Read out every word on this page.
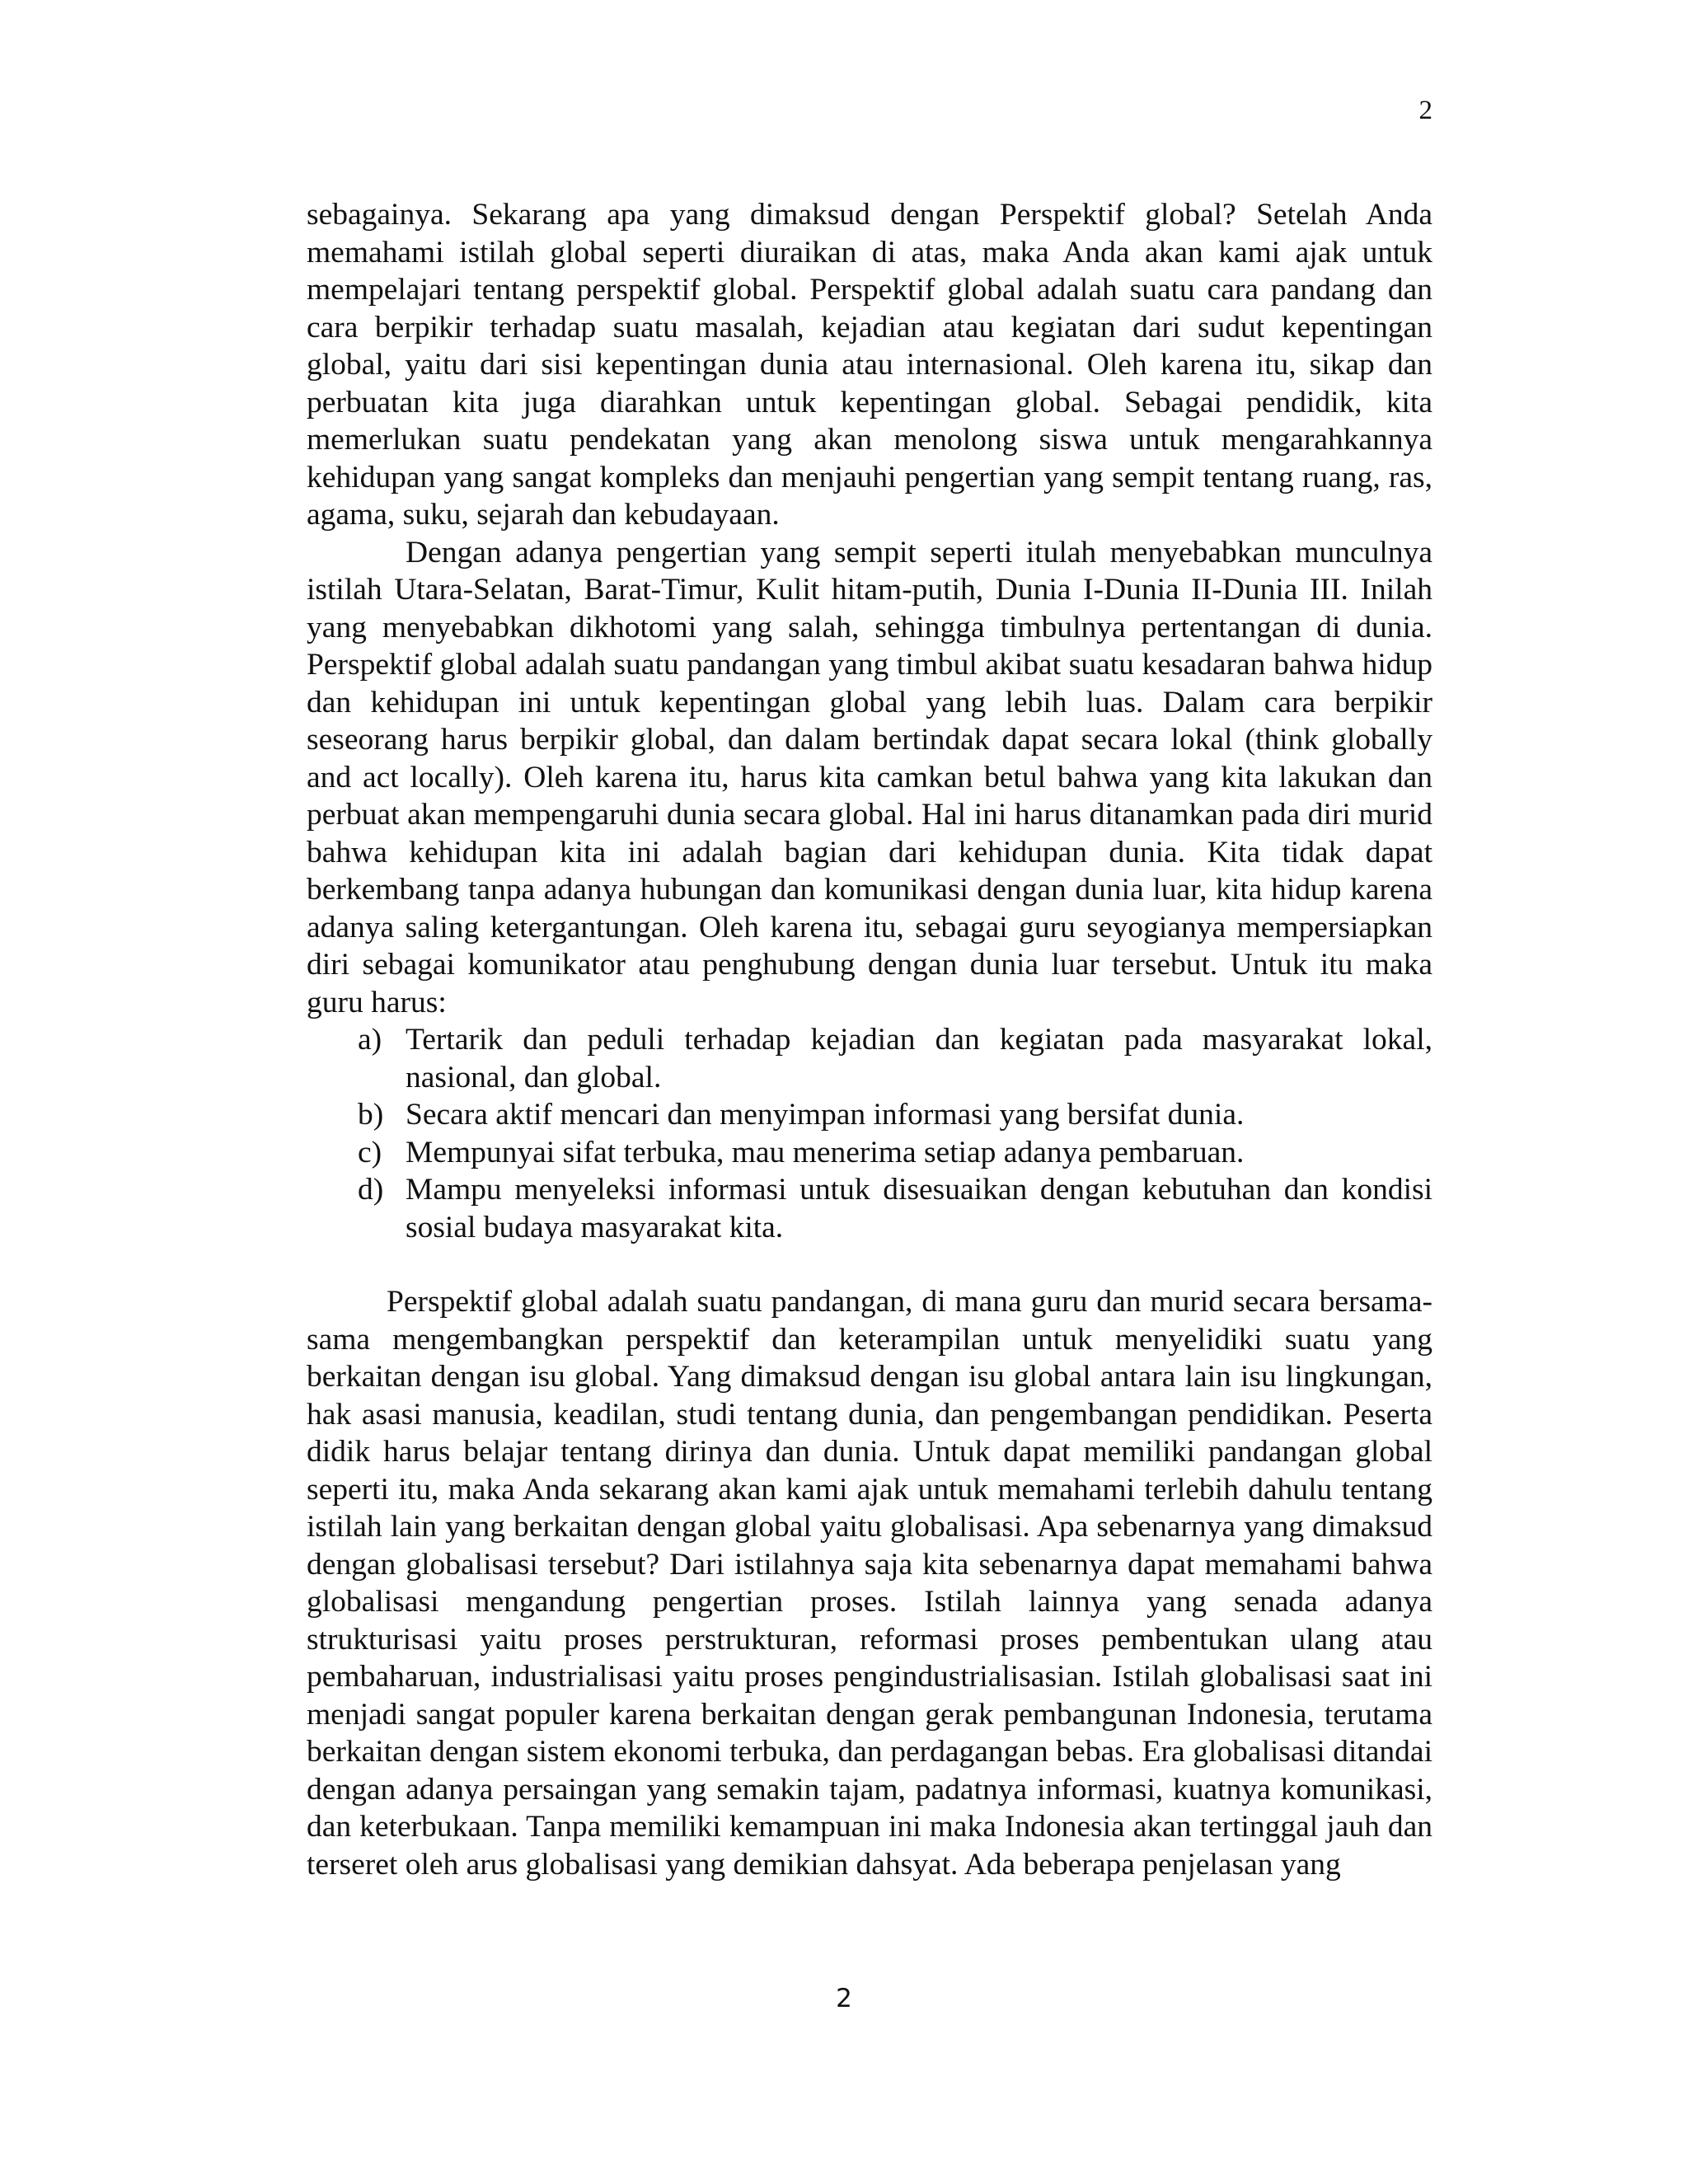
2

sebagainya. Sekarang apa yang dimaksud dengan Perspektif global? Setelah Anda memahami istilah global seperti diuraikan di atas, maka Anda akan kami ajak untuk mempelajari tentang perspektif global. Perspektif global adalah suatu cara pandang dan cara berpikir terhadap suatu masalah, kejadian atau kegiatan dari sudut kepentingan global, yaitu dari sisi kepentingan dunia atau internasional. Oleh karena itu, sikap dan perbuatan kita juga diarahkan untuk kepentingan global. Sebagai pendidik, kita memerlukan suatu pendekatan yang akan menolong siswa untuk mengarahkannya kehidupan yang sangat kompleks dan menjauhi pengertian yang sempit tentang ruang, ras, agama, suku, sejarah dan kebudayaan.

Dengan adanya pengertian yang sempit seperti itulah menyebabkan munculnya istilah Utara-Selatan, Barat-Timur, Kulit hitam-putih, Dunia I-Dunia II-Dunia III. Inilah yang menyebabkan dikhotomi yang salah, sehingga timbulnya pertentangan di dunia. Perspektif global adalah suatu pandangan yang timbul akibat suatu kesadaran bahwa hidup dan kehidupan ini untuk kepentingan global yang lebih luas. Dalam cara berpikir seseorang harus berpikir global, dan dalam bertindak dapat secara lokal (think globally and act locally). Oleh karena itu, harus kita camkan betul bahwa yang kita lakukan dan perbuat akan mempengaruhi dunia secara global. Hal ini harus ditanamkan pada diri murid bahwa kehidupan kita ini adalah bagian dari kehidupan dunia. Kita tidak dapat berkembang tanpa adanya hubungan dan komunikasi dengan dunia luar, kita hidup karena adanya saling ketergantungan. Oleh karena itu, sebagai guru seyogianya mempersiapkan diri sebagai komunikator atau penghubung dengan dunia luar tersebut. Untuk itu maka guru harus:

a) Tertarik dan peduli terhadap kejadian dan kegiatan pada masyarakat lokal, nasional, dan global.
b) Secara aktif mencari dan menyimpan informasi yang bersifat dunia.
c) Mempunyai sifat terbuka, mau menerima setiap adanya pembaruan.
d) Mampu menyeleksi informasi untuk disesuaikan dengan kebutuhan dan kondisi sosial budaya masyarakat kita.

Perspektif global adalah suatu pandangan, di mana guru dan murid secara bersama-sama mengembangkan perspektif dan keterampilan untuk menyelidiki suatu yang berkaitan dengan isu global. Yang dimaksud dengan isu global antara lain isu lingkungan, hak asasi manusia, keadilan, studi tentang dunia, dan pengembangan pendidikan. Peserta didik harus belajar tentang dirinya dan dunia. Untuk dapat memiliki pandangan global seperti itu, maka Anda sekarang akan kami ajak untuk memahami terlebih dahulu tentang istilah lain yang berkaitan dengan global yaitu globalisasi. Apa sebenarnya yang dimaksud dengan globalisasi tersebut? Dari istilahnya saja kita sebenarnya dapat memahami bahwa globalisasi mengandung pengertian proses. Istilah lainnya yang senada adanya strukturisasi yaitu proses perstrukturan, reformasi proses pembentukan ulang atau pembaharuan, industrialisasi yaitu proses pengindustrialisasian. Istilah globalisasi saat ini menjadi sangat populer karena berkaitan dengan gerak pembangunan Indonesia, terutama berkaitan dengan sistem ekonomi terbuka, dan perdagangan bebas. Era globalisasi ditandai dengan adanya persaingan yang semakin tajam, padatnya informasi, kuatnya komunikasi, dan keterbukaan. Tanpa memiliki kemampuan ini maka Indonesia akan tertinggal jauh dan terseret oleh arus globalisasi yang demikian dahsyat. Ada beberapa penjelasan yang

2
